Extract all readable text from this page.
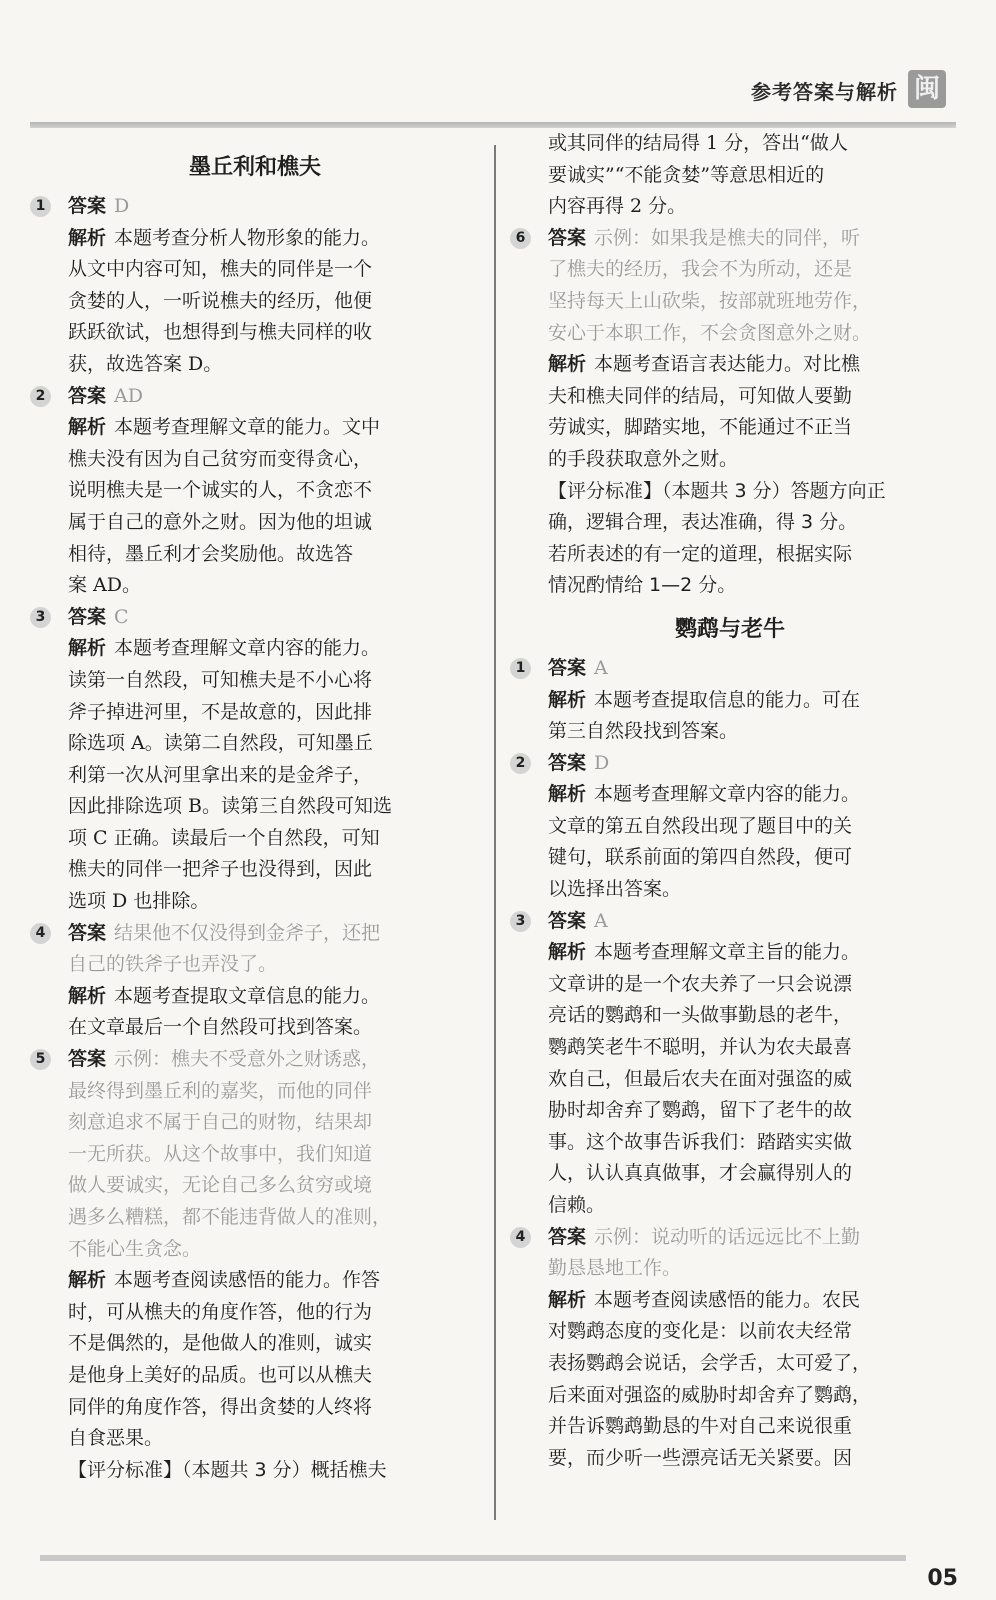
参考答案与解析 闽
墨丘利和樵夫
1	答案 D
解析 本题考查分析人物形象的能力。
从文中内容可知，樵夫的同伴是一个
贪婪的人，一听说樵夫的经历，他便
跃跃欲试，也想得到与樵夫同样的收
获，故选答案 D。
2	答案 AD
解析 本题考查理解文章的能力。文中
樵夫没有因为自己贫穷而变得贪心，
说明樵夫是一个诚实的人，不贪恋不
属于自己的意外之财。因为他的坦诚
相待，墨丘利才会奖励他。故选答
案 AD。
3	答案 C
解析 本题考查理解文章内容的能力。
读第一自然段，可知樵夫是不小心将
斧子掉进河里，不是故意的，因此排
除选项 A。读第二自然段，可知墨丘
利第一次从河里拿出来的是金斧子，
因此排除选项 B。读第三自然段可知选
项 C 正确。读最后一个自然段，可知
樵夫的同伴一把斧子也没得到，因此
选项 D 也排除。
4	答案 结果他不仅没得到金斧子，还把
自己的铁斧子也弄没了。
解析 本题考查提取文章信息的能力。
在文章最后一个自然段可找到答案。
5	答案 示例：樵夫不受意外之财诱惑，
最终得到墨丘利的嘉奖，而他的同伴
刻意追求不属于自己的财物，结果却
一无所获。从这个故事中，我们知道
做人要诚实，无论自己多么贫穷或境
遇多么糟糕，都不能违背做人的准则，
不能心生贪念。
解析 本题考查阅读感悟的能力。作答
时，可从樵夫的角度作答，他的行为
不是偶然的，是他做人的准则，诚实
是他身上美好的品质。也可以从樵夫
同伴的角度作答，得出贪婪的人终将
自食恶果。
【评分标准】（本题共 3 分）概括樵夫
或其同伴的结局得 1 分，答出“做人
要诚实”“不能贪婪”等意思相近的
内容再得 2 分。
6	答案 示例：如果我是樵夫的同伴，听
了樵夫的经历，我会不为所动，还是
坚持每天上山砍柴，按部就班地劳作，
安心于本职工作，不会贪图意外之财。
解析 本题考查语言表达能力。对比樵
夫和樵夫同伴的结局，可知做人要勤
劳诚实，脚踏实地，不能通过不正当
的手段获取意外之财。
【评分标准】（本题共 3 分）答题方向正
确，逻辑合理，表达准确，得 3 分。
若所表述的有一定的道理，根据实际
情况酌情给 1—2 分。
鹦鹉与老牛
1	答案 A
解析 本题考查提取信息的能力。可在
第三自然段找到答案。
2	答案 D
解析 本题考查理解文章内容的能力。
文章的第五自然段出现了题目中的关
键句，联系前面的第四自然段，便可
以选择出答案。
3	答案 A
解析 本题考查理解文章主旨的能力。
文章讲的是一个农夫养了一只会说漂
亮话的鹦鹉和一头做事勤恳的老牛，
鹦鹉笑老牛不聪明，并认为农夫最喜
欢自己，但最后农夫在面对强盗的威
胁时却舍弃了鹦鹉，留下了老牛的故
事。这个故事告诉我们：踏踏实实做
人，认认真真做事，才会赢得别人的
信赖。
4	答案 示例：说动听的话远远比不上勤
勤恳恳地工作。
解析 本题考查阅读感悟的能力。农民
对鹦鹉态度的变化是：以前农夫经常
表扬鹦鹉会说话，会学舌，太可爱了，
后来面对强盗的威胁时却舍弃了鹦鹉，
并告诉鹦鹉勤恳的牛对自己来说很重
要，而少听一些漂亮话无关紧要。因
05
